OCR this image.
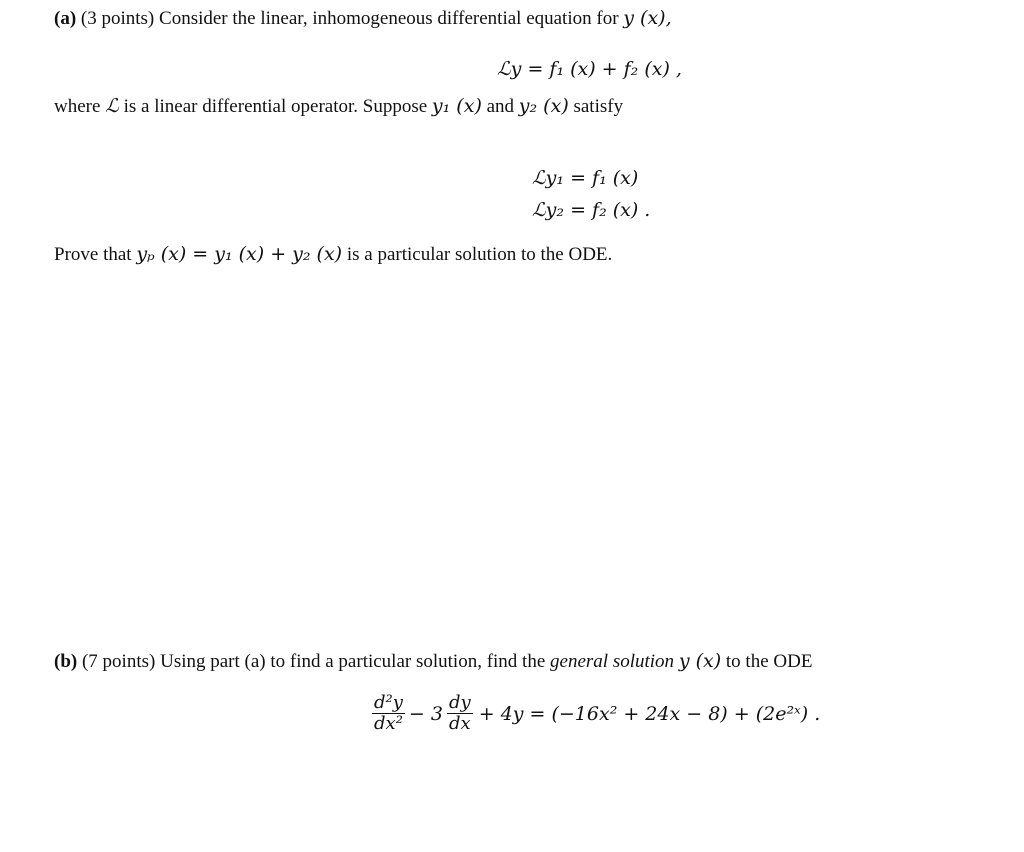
(a) (3 points) Consider the linear, inhomogeneous differential equation for y (x),
ℒy = f₁ (x) + f₂ (x) ,
where ℒ is a linear differential operator. Suppose y₁ (x) and y₂ (x) satisfy
ℒy₁ = f₁ (x)
ℒy₂ = f₂ (x) .
Prove that yₚ (x) = y₁ (x) + y₂ (x) is a particular solution to the ODE.
(b) (7 points) Using part (a) to find a particular solution, find the general solution y (x) to the ODE
$\frac{\text{d²y}}{\text{dx²}} - 3 \frac{dy}{dx} + 4y = (-16x^2 + 24x - 8)$ + (2e²ˣ) .
